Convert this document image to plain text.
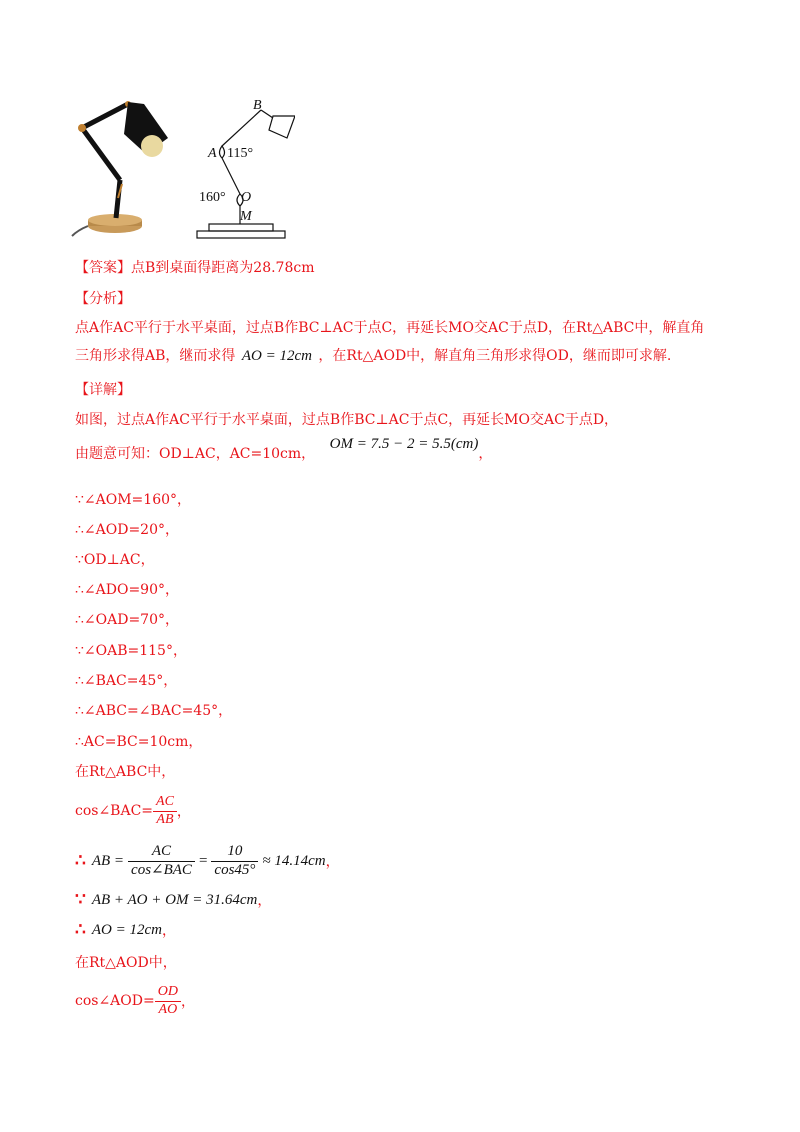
B
A 115°
160° O
M
【答案】点B到桌面得距离为28.78cm
【分析】
点A作AC平行于水平桌面，过点B作BC⊥AC于点C，再延长MO交AC于点D，在Rt△ABC中，解直角
三角形求得AB，继而求得 AO = 12cm ，在Rt△AOD中，解直角三角形求得OD，继而即可求解.
【详解】
如图，过点A作AC平行于水平桌面，过点B作BC⊥AC于点C，再延长MO交AC于点D，
由题意可知：OD⊥AC，AC=10cm， OM = 7.5 − 2 = 5.5(cm)，
∵∠AOM=160°，
∴∠AOD=20°，
∵OD⊥AC，
∴∠ADO=90°，
∴∠OAD=70°，
∵∠OAB=115°，
∴∠BAC=45°，
∴∠ABC=∠BAC=45°，
∴AC=BC=10cm，
在Rt△ABC中，
cos∠BAC= $\frac{AC}{AB}$ ，
∴ AB = $\frac{AC}{\text{cos∠BAC}} = \frac{10}{\cos 45^\circ} \approx 14.14cm$ ，
∵ AB + AO + OM = 31.64cm ，
∴ AO = 12cm ，
在Rt△AOD中，
cos∠AOD= $\frac{OD}{AO}$ ，
